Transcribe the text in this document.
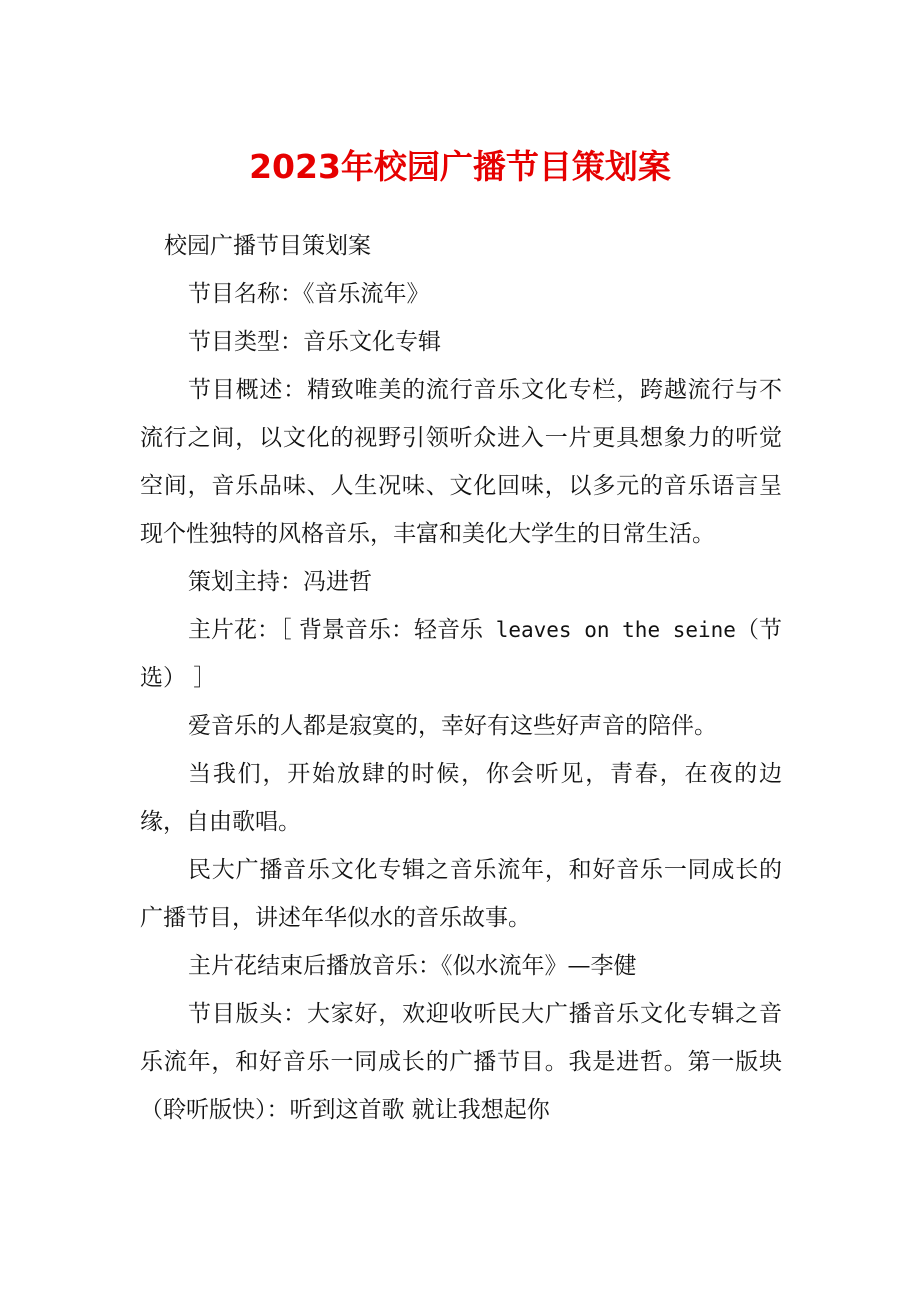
2023年校园广播节目策划案

校园广播节目策划案

节目名称：《音乐流年》

节目类型：音乐文化专辑

节目概述：精致唯美的流行音乐文化专栏，跨越流行与不流行之间，以文化的视野引领听众进入一片更具想象力的听觉空间，音乐品味、人生况味、文化回味，以多元的音乐语言呈现个性独特的风格音乐，丰富和美化大学生的日常生活。

策划主持：冯进哲

主片花：［ 背景音乐：轻音乐 leaves on the seine（节选） ］

爱音乐的人都是寂寞的，幸好有这些好声音的陪伴。

当我们，开始放肆的时候，你会听见，青春，在夜的边缘，自由歌唱。

民大广播音乐文化专辑之音乐流年，和好音乐一同成长的广播节目，讲述年华似水的音乐故事。

主片花结束后播放音乐：《似水流年》—李健

节目版头：大家好，欢迎收听民大广播音乐文化专辑之音乐流年，和好音乐一同成长的广播节目。我是进哲。第一版块（聆听版快）：听到这首歌 就让我想起你
